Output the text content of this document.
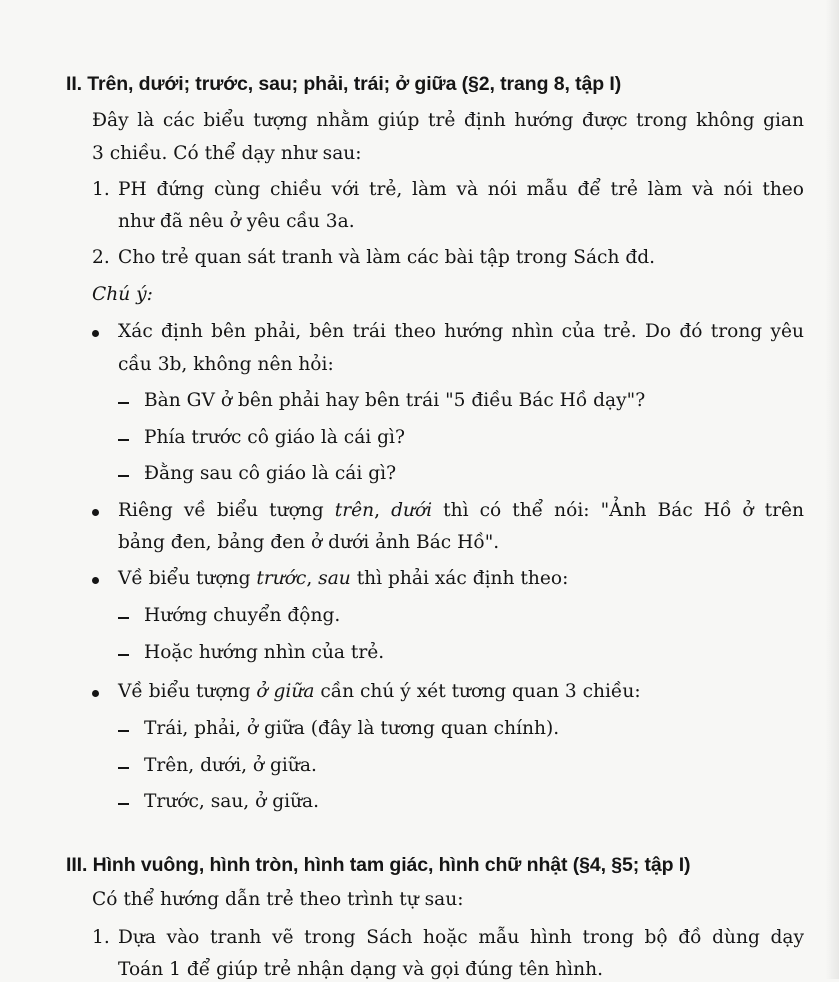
II. Trên, dưới; trước, sau; phải, trái; ở giữa (§2, trang 8, tập I)
Đây là các biểu tượng nhằm giúp trẻ định hướng được trong không gian
3 chiều. Có thể dạy như sau:
1. PH đứng cùng chiều với trẻ, làm và nói mẫu để trẻ làm và nói theo
như đã nêu ở yêu cầu 3a.
2. Cho trẻ quan sát tranh và làm các bài tập trong Sách đd.
Chú ý:
Xác định bên phải, bên trái theo hướng nhìn của trẻ. Do đó trong yêu
cầu 3b, không nên hỏi:
Bàn GV ở bên phải hay bên trái "5 điều Bác Hồ dạy"?
Phía trước cô giáo là cái gì?
Đằng sau cô giáo là cái gì?
Riêng về biểu tượng trên, dưới thì có thể nói: "Ảnh Bác Hồ ở trên
bảng đen, bảng đen ở dưới ảnh Bác Hồ".
Về biểu tượng trước, sau thì phải xác định theo:
Hướng chuyển động.
Hoặc hướng nhìn của trẻ.
Về biểu tượng ở giữa cần chú ý xét tương quan 3 chiều:
Trái, phải, ở giữa (đây là tương quan chính).
Trên, dưới, ở giữa.
Trước, sau, ở giữa.
III. Hình vuông, hình tròn, hình tam giác, hình chữ nhật (§4, §5; tập I)
Có thể hướng dẫn trẻ theo trình tự sau:
1. Dựa vào tranh vẽ trong Sách hoặc mẫu hình trong bộ đồ dùng dạy
Toán 1 để giúp trẻ nhận dạng và gọi đúng tên hình.
